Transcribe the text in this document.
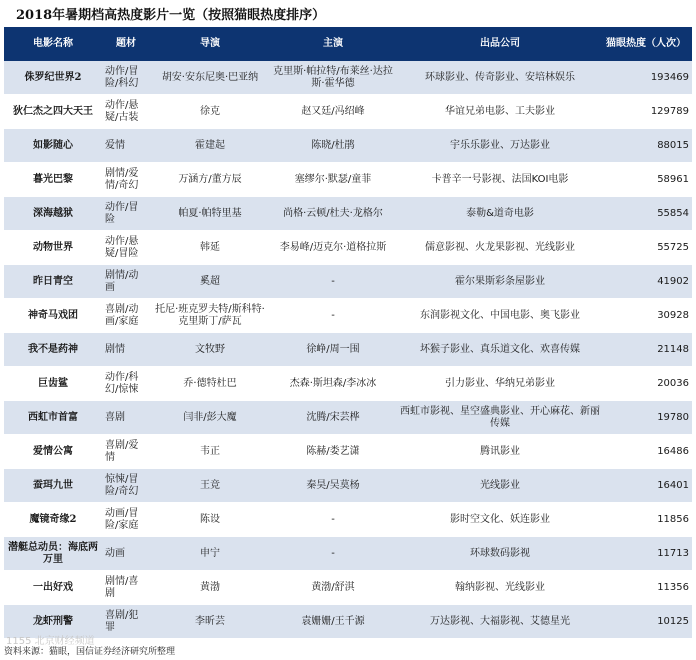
2018年暑期档高热度影片一览（按照猫眼热度排序）
电影名称	题材	导演	主演	出品公司	猫眼热度（人次）
侏罗纪世界2	动作/冒险/科幻	胡安·安东尼奥·巴亚纳	克里斯·帕拉特/布莱丝·达拉斯·霍华德	环球影业、传奇影业、安培林娱乐	193469
狄仁杰之四大天王	动作/悬疑/古装	徐克	赵又廷/冯绍峰	华谊兄弟电影、工夫影业	129789
如影随心	爱情	霍建起	陈晓/杜鹃	宇乐乐影业、万达影业	88015
暮光巴黎	剧情/爱情/奇幻	万涵方/董方辰	塞缪尔·默瑟/童菲	卡普辛一号影视、法国KOI电影	58961
深海越狱	动作/冒险	帕夏·帕特里基	尚格·云顿/杜夫·龙格尔	泰勒&道奇电影	55854
动物世界	动作/悬疑/冒险	韩延	李易峰/迈克尔·道格拉斯	儒意影视、火龙果影视、光线影业	55725
昨日青空	剧情/动画	奚超	-	霍尔果斯彩条屋影业	41902
神奇马戏团	喜剧/动画/家庭	托尼·班克罗夫特/斯科特·克里斯丁/萨瓦	-	东润影视文化、中国电影、奥飞影业	30928
我不是药神	剧情	文牧野	徐峥/周一围	坏猴子影业、真乐道文化、欢喜传媒	21148
巨齿鲨	动作/科幻/惊悚	乔·德特杜巴	杰森·斯坦森/李冰冰	引力影业、华纳兄弟影业	20036
西虹市首富	喜剧	闫非/彭大魔	沈腾/宋芸桦	西虹市影视、星空盛典影业、开心麻花、新丽传媒	19780
爱情公寓	喜剧/爱情	韦正	陈赫/娄艺潇	腾讯影业	16486
蚕珥九世	惊悚/冒险/奇幻	王竞	秦昊/吴莫杨	光线影业	16401
魔镜奇缘2	动画/冒险/家庭	陈设	-	影时空文化、妖连影业	11856
潜艇总动员：海底两万里	动画	申宁	-	环球数码影视	11713
一出好戏	剧情/喜剧	黄渤	黄渤/舒淇	翰纳影视、光线影业	11356
龙虾刑警	喜剧/犯罪	李昕芸	袁姗姗/王千源	万达影视、大福影视、艾德星光	10125
1155 北京财经频道
资料来源：猫眼，国信证券经济研究所整理
